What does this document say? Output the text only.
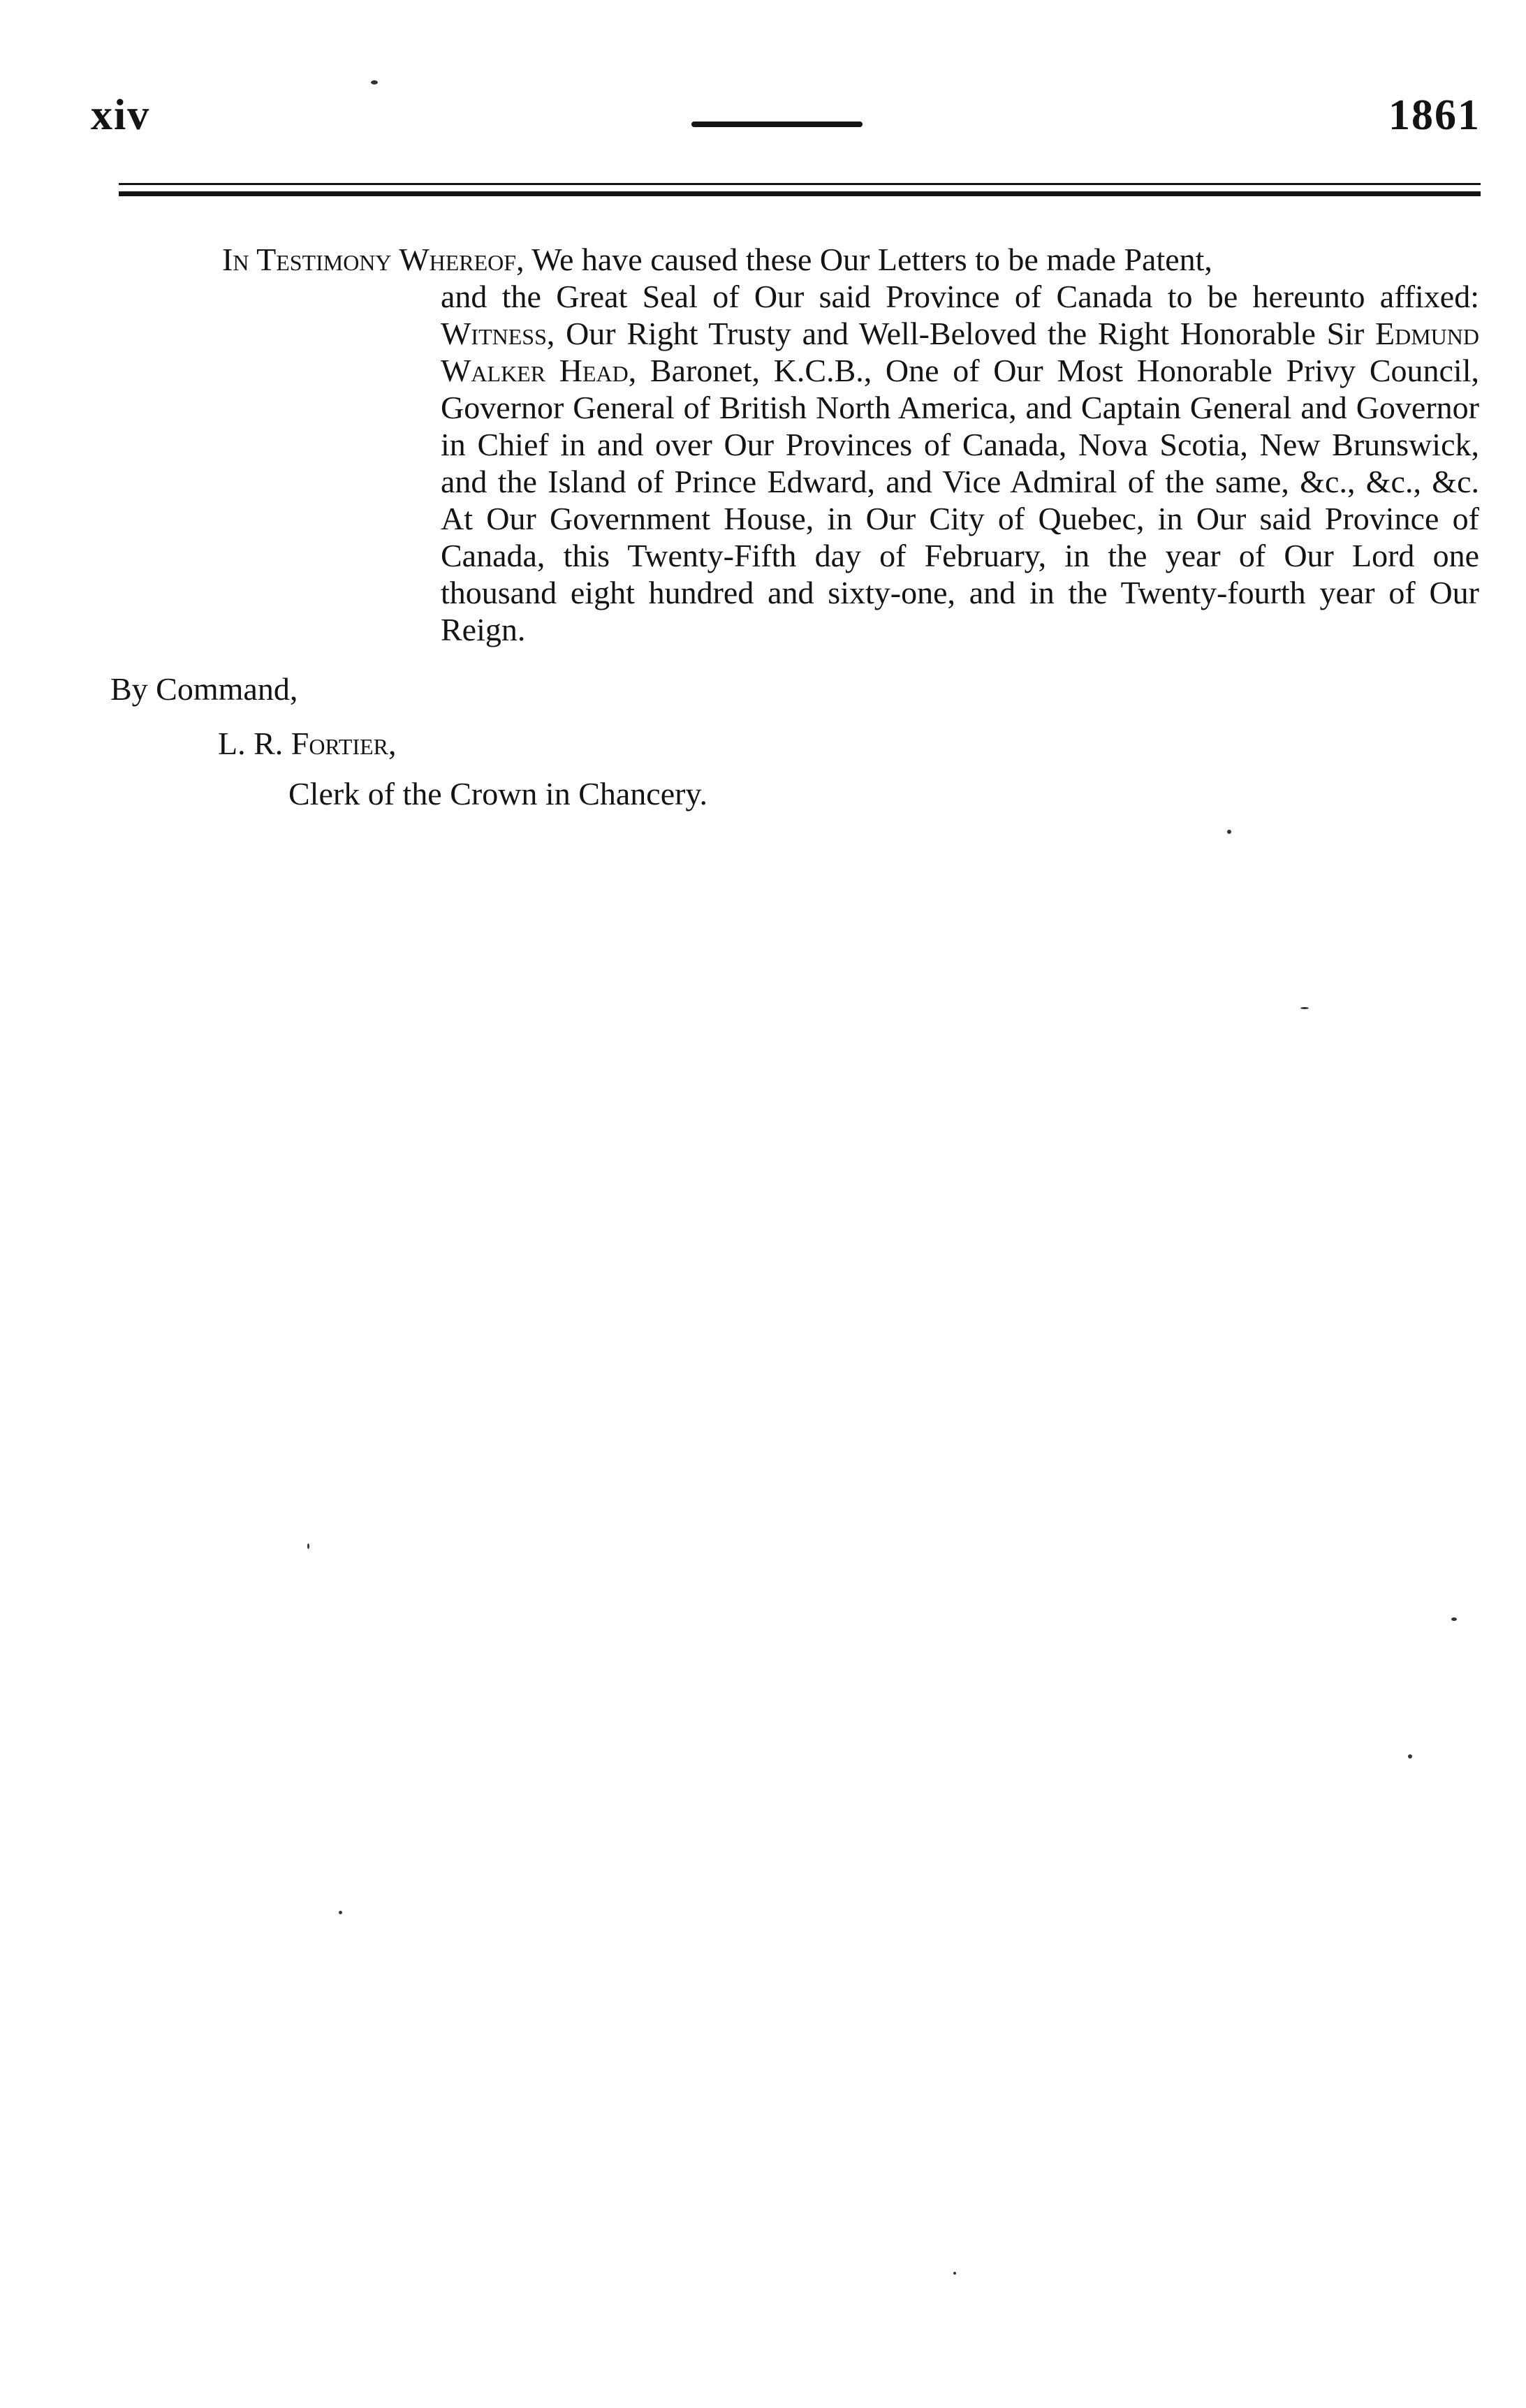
xiv	1861
In Testimony Whereof, We have caused these Our Letters to be made Patent,
and the Great Seal of Our said Province of Canada to be hereunto affixed: Witness, Our Right Trusty and Well-Beloved the Right Honorable Sir Edmund Walker Head, Baronet, K.C.B., One of Our Most Honorable Privy Council, Governor General of British North America, and Captain General and Governor in Chief in and over Our Provinces of Canada, Nova Scotia, New Brunswick, and the Island of Prince Edward, and Vice Admiral of the same, &c., &c., &c. At Our Government House, in Our City of Quebec, in Our said Province of Canada, this Twenty-Fifth day of February, in the year of Our Lord one thousand eight hundred and sixty-one, and in the Twenty-fourth year of Our Reign.
By Command,
L. R. Fortier,
Clerk of the Crown in Chancery.
